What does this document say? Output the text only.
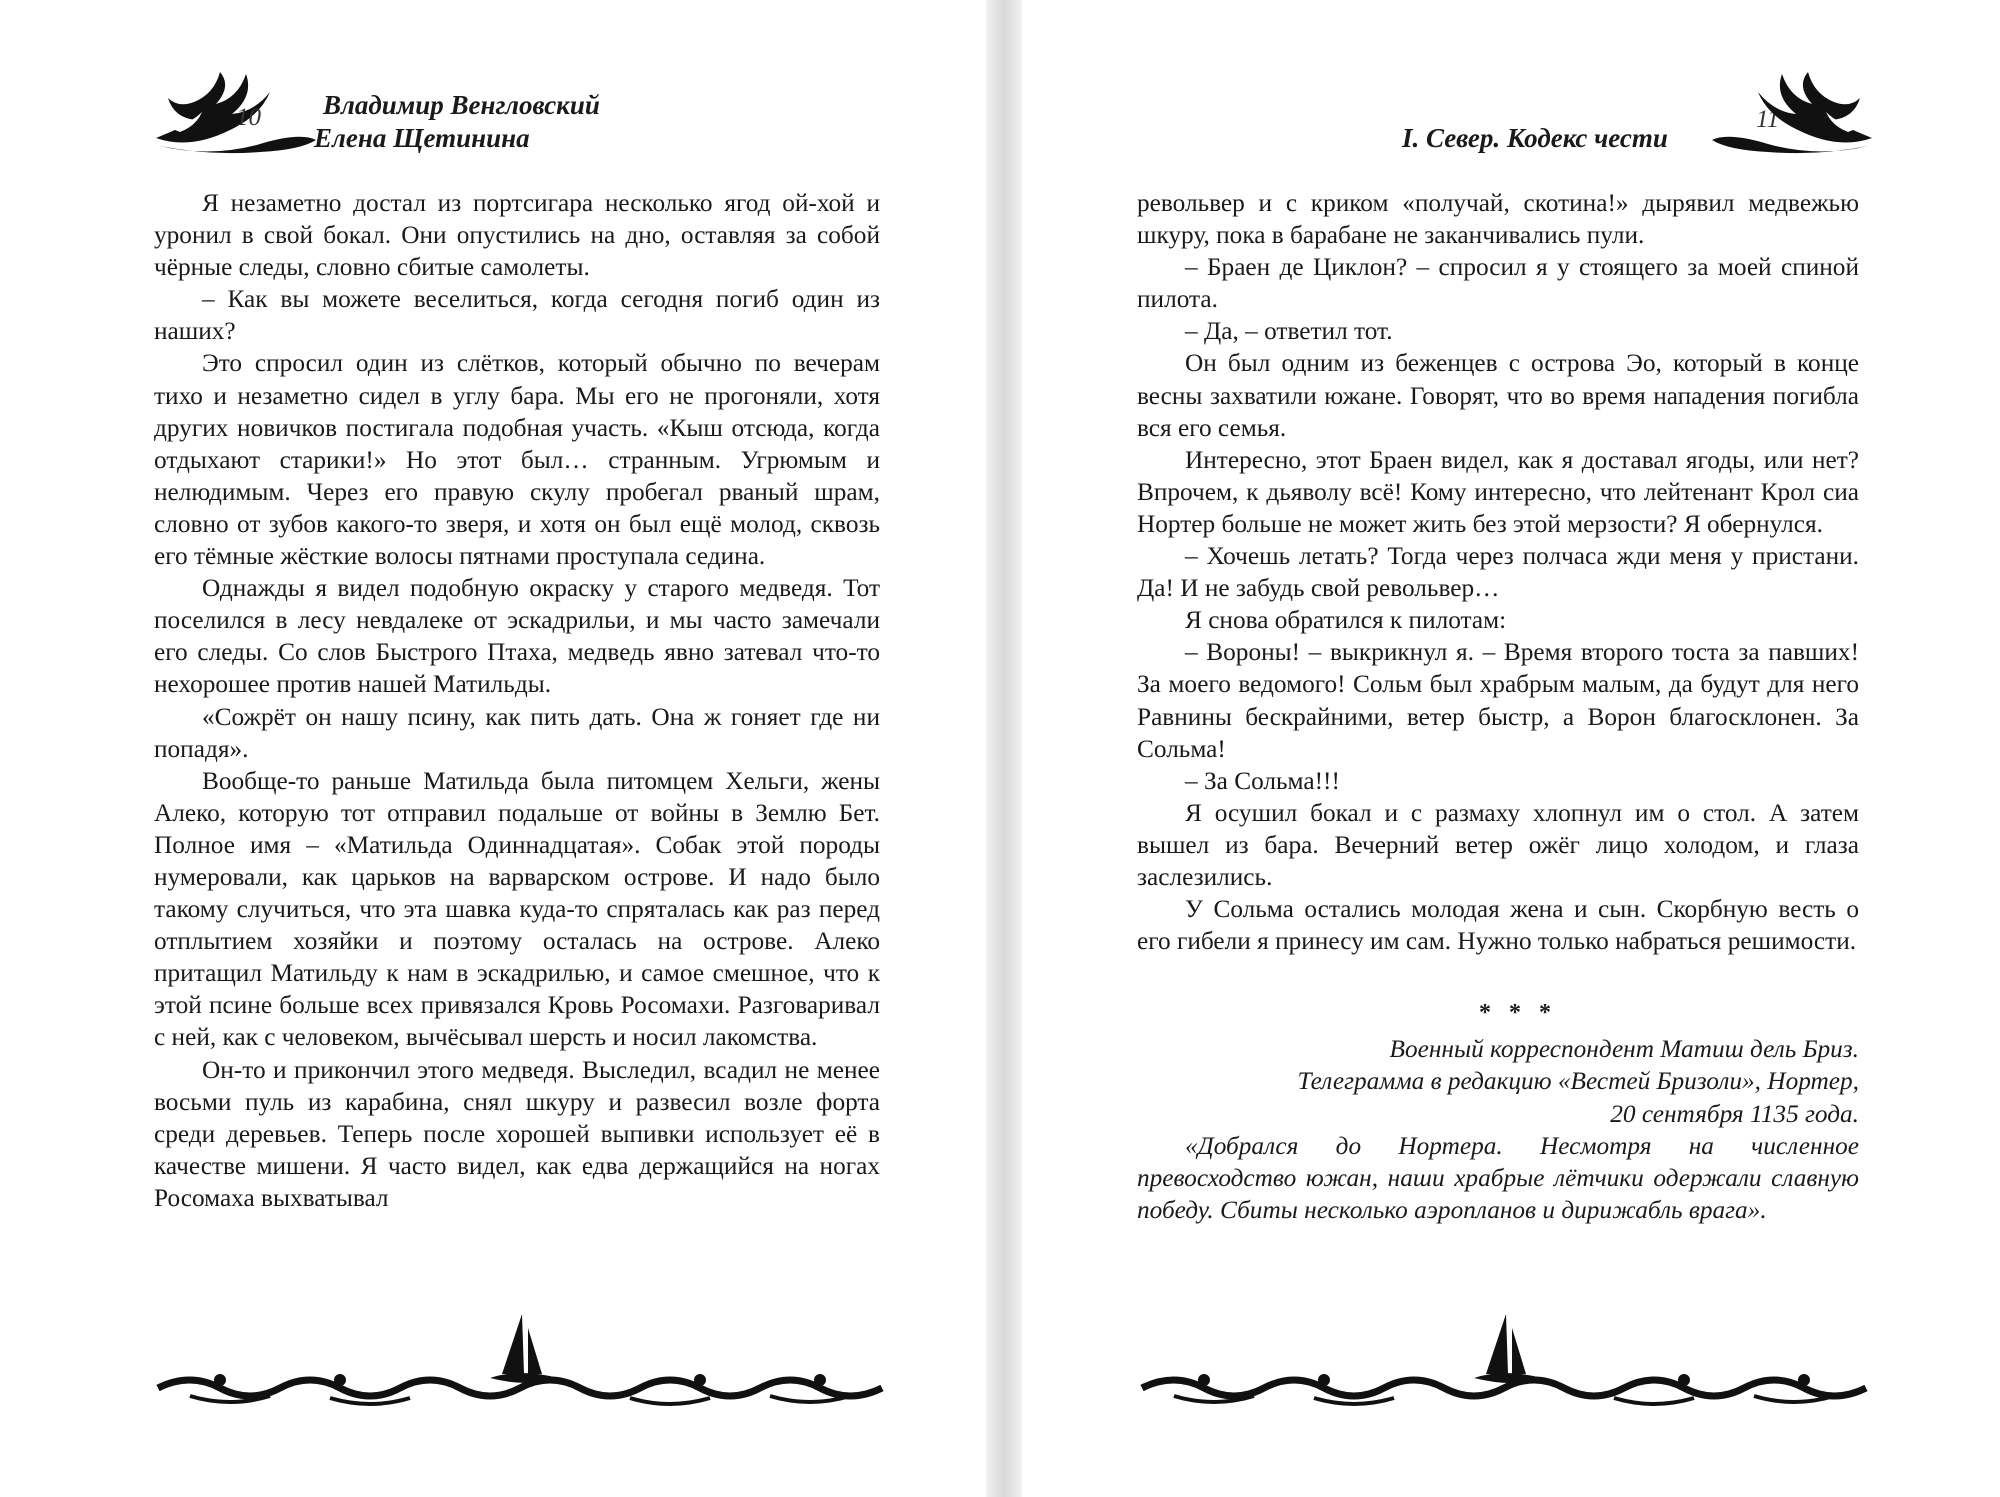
10 Владимир Венгловский
Елена Щетинина

Я незаметно достал из портсигара несколько ягод ой-хой и уронил в свой бокал. Они опустились на дно, оставляя за собой чёрные следы, словно сбитые самолеты.

– Как вы можете веселиться, когда сегодня погиб один из наших?

Это спросил один из слётков, который обычно по вечерам тихо и незаметно сидел в углу бара. Мы его не прогоняли, хотя других новичков постигала подобная участь. «Кыш отсюда, когда отдыхают старики!» Но этот был… странным. Угрюмым и нелюдимым. Через его правую скулу пробегал рваный шрам, словно от зубов какого-то зверя, и хотя он был ещё молод, сквозь его тёмные жёсткие волосы пятнами проступала седина.

Однажды я видел подобную окраску у старого медведя. Тот поселился в лесу невдалеке от эскадрильи, и мы часто замечали его следы. Со слов Быстрого Птаха, медведь явно затевал что-то нехорошее против нашей Матильды.

«Сожрёт он нашу псину, как пить дать. Она ж гоняет где ни попадя».

Вообще-то раньше Матильда была питомцем Хельги, жены Алеко, которую тот отправил подальше от войны в Землю Бет. Полное имя – «Матильда Одиннадцатая». Собак этой породы нумеровали, как царьков на варварском острове. И надо было такому случиться, что эта шавка куда-то спряталась как раз перед отплытием хозяйки и поэтому осталась на острове. Алеко притащил Матильду к нам в эскадрилью, и самое смешное, что к этой псине больше всех привязался Кровь Росомахи. Разговаривал с ней, как с человеком, вычёсывал шерсть и носил лакомства.

Он-то и прикончил этого медведя. Выследил, всадил не менее восьми пуль из карабина, снял шкуру и развесил возле форта среди деревьев. Теперь после хорошей выпивки использует её в качестве мишени. Я часто видел, как едва держащийся на ногах Росомаха выхватывал

I. Север. Кодекс чести
11

револьвер и с криком «получай, скотина!» дырявил медвежью шкуру, пока в барабане не заканчивались пули.

– Браен де Циклон? – спросил я у стоящего за моей спиной пилота.

– Да, – ответил тот.

Он был одним из беженцев с острова Эо, который в конце весны захватили южане. Говорят, что во время нападения погибла вся его семья.

Интересно, этот Браен видел, как я доставал ягоды, или нет? Впрочем, к дьяволу всё! Кому интересно, что лейтенант Крол сиа Нортер больше не может жить без этой мерзости? Я обернулся.

– Хочешь летать? Тогда через полчаса жди меня у пристани. Да! И не забудь свой револьвер…

Я снова обратился к пилотам:

– Вороны! – выкрикнул я. – Время второго тоста за павших! За моего ведомого! Сольм был храбрым малым, да будут для него Равнины бескрайними, ветер быстр, а Ворон благосклонен. За Сольма!

– За Сольма!!!

Я осушил бокал и с размаху хлопнул им о стол. А затем вышел из бара. Вечерний ветер ожёг лицо холодом, и глаза заслезились.

У Сольма остались молодая жена и сын. Скорбную весть о его гибели я принесу им сам. Нужно только набраться решимости.

* * *

Военный корреспондент Матиш дель Бриз.

Телеграмма в редакцию «Вестей Бризоли», Нортер,

20 сентября 1135 года.

«Добрался до Нортера. Несмотря на численное превосходство южан, наши храбрые лётчики одержали славную победу. Сбиты несколько аэропланов и дирижабль врага».
